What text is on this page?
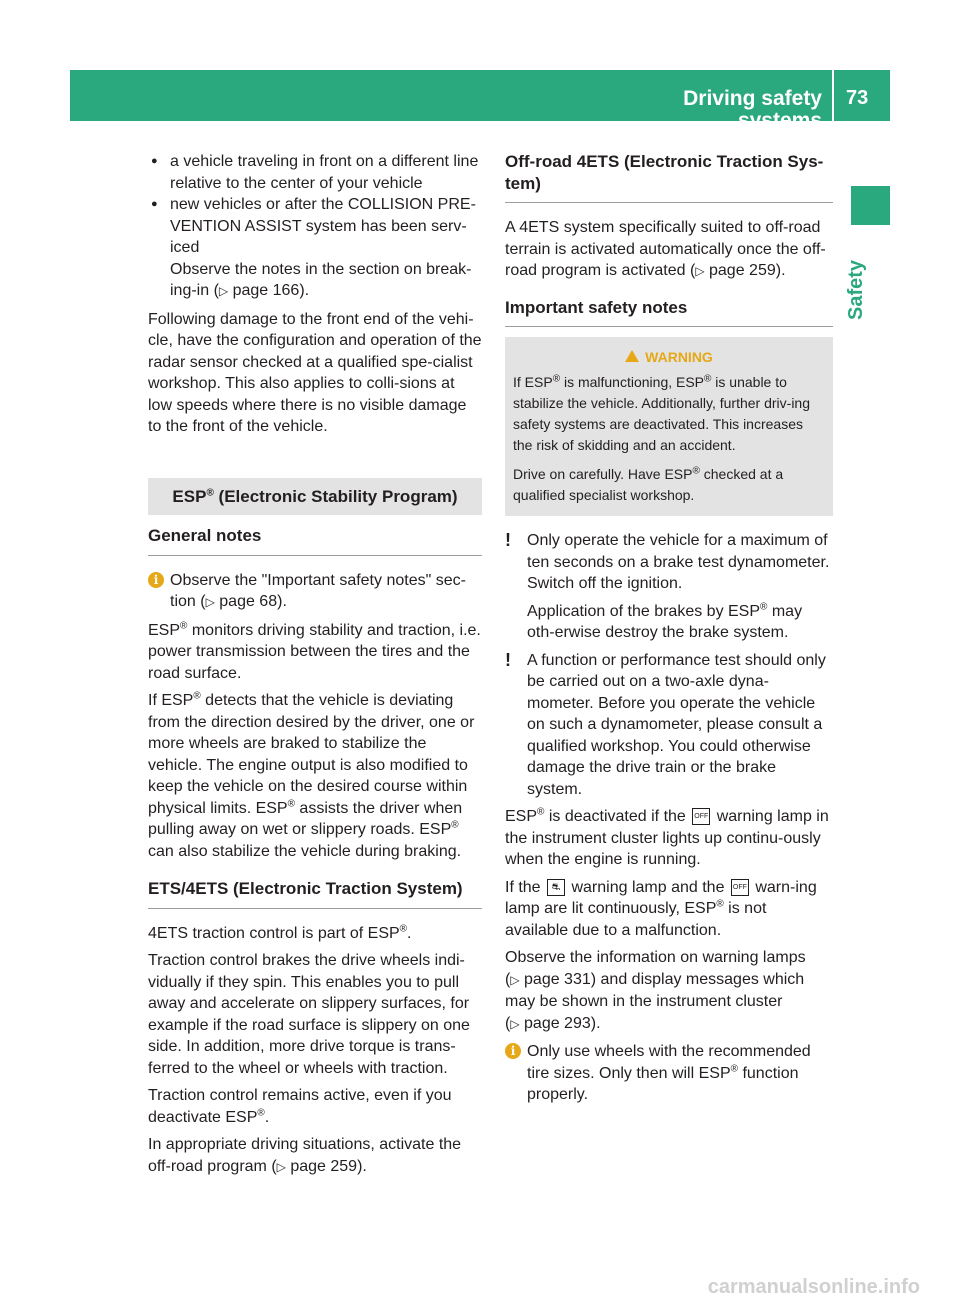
Driving safety systems
73
Safety
● a vehicle traveling in front on a different line relative to the center of your vehicle
● new vehicles or after the COLLISION PRE-VENTION ASSIST system has been serv-iced

Observe the notes in the section on break-ing-in (▷ page 166).

Following damage to the front end of the vehi-cle, have the configuration and operation of the radar sensor checked at a qualified spe-cialist workshop. This also applies to colli-sions at low speeds where there is no visible damage to the front of the vehicle.

ESP® (Electronic Stability Program)
General notes
i Observe the "Important safety notes" sec-tion (▷ page 68).

ESP® monitors driving stability and traction, i.e. power transmission between the tires and the road surface.

If ESP® detects that the vehicle is deviating from the direction desired by the driver, one or more wheels are braked to stabilize the vehicle. The engine output is also modified to keep the vehicle on the desired course within physical limits. ESP® assists the driver when pulling away on wet or slippery roads. ESP® can also stabilize the vehicle during braking.

ETS/4ETS (Electronic Traction System)

4ETS traction control is part of ESP®.

Traction control brakes the drive wheels indi-vidually if they spin. This enables you to pull away and accelerate on slippery surfaces, for example if the road surface is slippery on one side. In addition, more drive torque is trans-ferred to the wheel or wheels with traction.

Traction control remains active, even if you deactivate ESP®.

In appropriate driving situations, activate the off-road program (▷ page 259).

Off-road 4ETS (Electronic Traction Sys-tem)

A 4ETS system specifically suited to off-road terrain is activated automatically once the off-road program is activated (▷ page 259).

Important safety notes
WARNING

If ESP® is malfunctioning, ESP® is unable to stabilize the vehicle. Additionally, further driv-ing safety systems are deactivated. This increases the risk of skidding and an accident.

Drive on carefully. Have ESP® checked at a qualified specialist workshop.

! Only operate the vehicle for a maximum of ten seconds on a brake test dynamometer. Switch off the ignition.

Application of the brakes by ESP® may oth-erwise destroy the brake system.

! A function or performance test should only be carried out on a two-axle dyna-mometer. Before you operate the vehicle on such a dynamometer, please consult a qualified workshop. You could otherwise damage the drive train or the brake system.

ESP® is deactivated if the OFF warning lamp in the instrument cluster lights up continu-ously when the engine is running.

If the ⛐ warning lamp and the OFF warn-ing lamp are lit continuously, ESP® is not available due to a malfunction.

Observe the information on warning lamps (▷ page 331) and display messages which may be shown in the instrument cluster (▷ page 293).

i Only use wheels with the recommended tire sizes. Only then will ESP® function properly.
carmanualsonline.info
